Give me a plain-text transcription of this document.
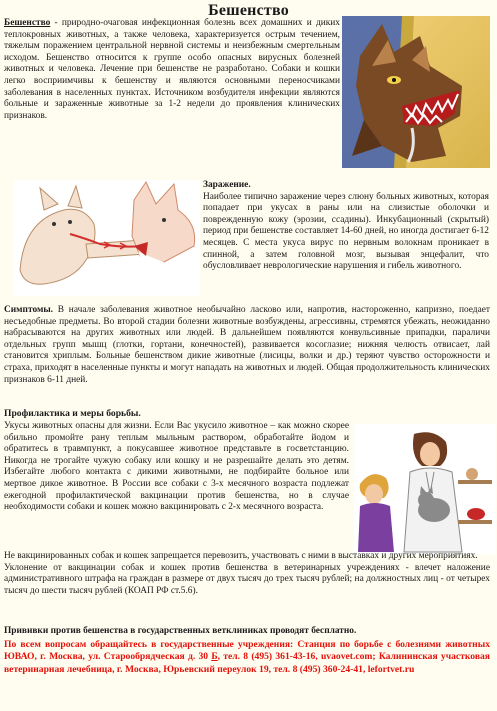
Бешенство
Бешенство - природно-очаговая инфекционная болезнь всех домашних и диких теплокровных животных, а также человека, характеризуется острым течением, тяжелым поражением центральной нервной системы и неизбежным смертельным исходом. Бешенство относится к группе особо опасных вирусных болезней животных и человека. Лечение при бешенстве не разработано. Собаки и кошки легко восприимчивы к бешенству и являются основными переносчиками заболевания в населенных пунктах. Источником возбудителя инфекции являются больные и зараженные животные за 1-2 недели до проявления клинических признаков.
Заражение.
Наиболее типично заражение через слюну больных животных, которая попадает при укусах в раны или на слизистые оболочки и поврежденную кожу (эрозии, ссадины). Инкубационный (скрытый) период при бешенстве составляет 14-60 дней, но иногда достигает 6-12 месяцев. С места укуса вирус по нервным волокнам проникает в спинной, а затем головной мозг, вызывая энцефалит, что обусловливает неврологические нарушения и гибель животного.
Симптомы. В начале заболевания животное необычайно ласково или, напротив, настороженно, капризно, поедает несъедобные предметы. Во второй стадии болезни животные возбуждены, агрессивны, стремятся убежать, неожиданно набрасываются на других животных или людей. В дальнейшем появляются конвульсивные припадки, параличи отдельных групп мышц (глотки, гортани, конечностей), развивается косоглазие; нижняя челюсть отвисает, лай становится хриплым. Больные бешенством дикие животные (лисицы, волки и др.) теряют чувство осторожности и страха, приходят в населенные пункты и могут нападать на животных и людей. Общая продолжительность клинических признаков 6-11 дней.
Профилактика и меры борьбы.
Укусы животных опасны для жизни. Если Вас укусило животное – как можно скорее обильно промойте рану теплым мыльным раствором, обработайте йодом и обратитесь в травмпункт, а покусавшее животное представьте в госветстанцию. Никогда не трогайте чужую собаку или кошку и не разрешайте делать это детям. Избегайте любого контакта с дикими животными, не подбирайте больное или мертвое дикое животное. В России все собаки с 3-х месячного возраста подлежат ежегодной профилактической вакцинации против бешенства, но в случае необходимости собаки и кошек можно вакцинировать с 2-х месячного возраста.
Не вакцинированных собак и кошек запрещается перевозить, участвовать с ними в выставках и других мероприятиях.
Уклонение от вакцинации собак и кошек против бешенства в ветеринарных учреждениях - влечет наложение административного штрафа на граждан в размере от двух тысяч до трех тысяч рублей; на должностных лиц - от четырех тысяч до шести тысяч рублей (КОАП РФ ст.5.6).
Прививки против бешенства в государственных ветклиниках проводят бесплатно.
По всем вопросам обращайтесь в государственные учреждения: Станция по борьбе с болезнями животных ЮВАО, г. Москва, ул. Старообрядческая д. 30 Б, тел. 8 (495) 361-43-16, uvaovet.com; Калининская участковая ветеринарная лечебница, г. Москва, Юрьевский переулок 19, тел. 8 (495) 360-24-41, lefortvet.ru
